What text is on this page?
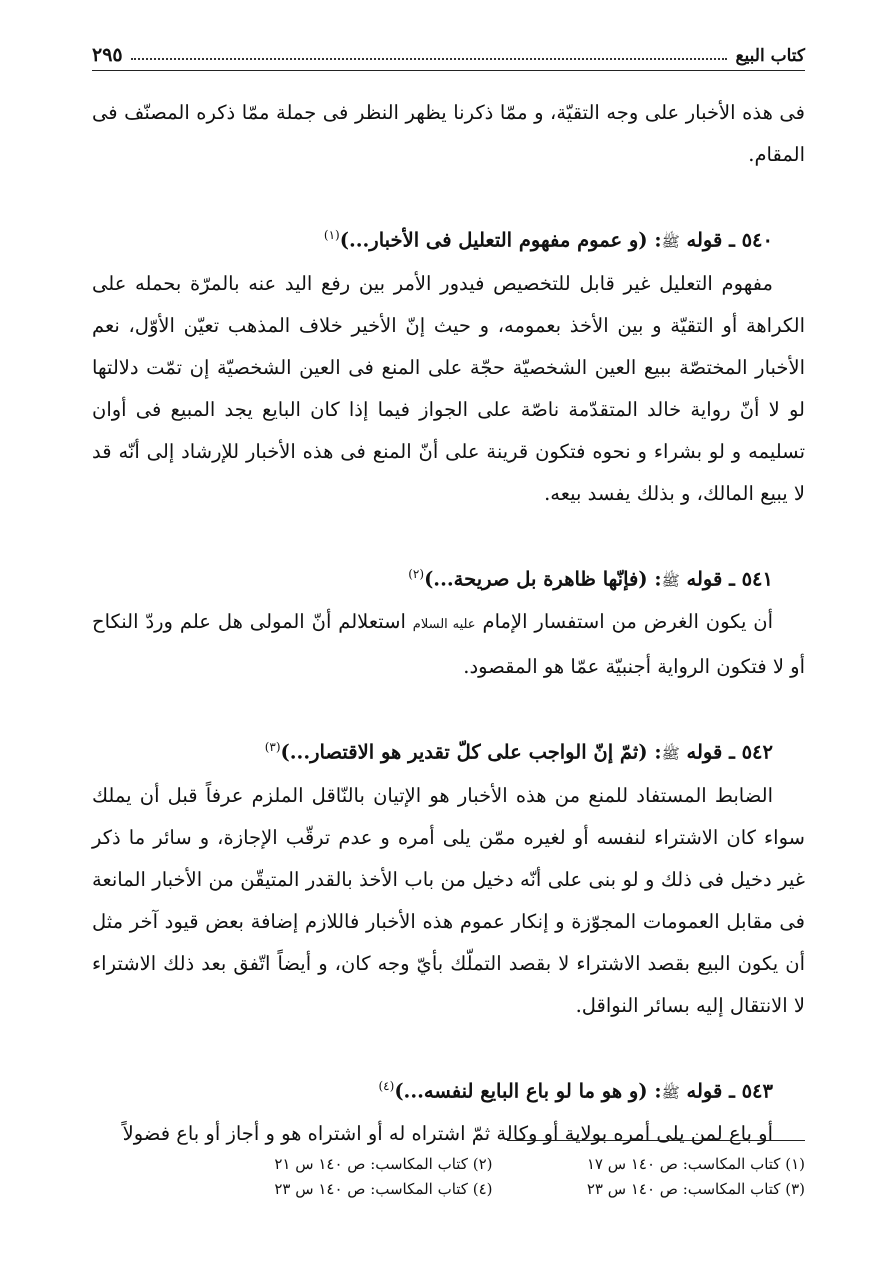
كتاب البيع
٢٩٥

فى هذه الأخبار على وجه التقيّة، و ممّا ذكرنا يظهر النظر فى جملة ممّا ذكره المصنّف فى المقام.

٥٤٠ ـ قوله ﷺ: (و عموم مفهوم التعليل فى الأخبار...)$^{(١)}$

مفهوم التعليل غير قابل للتخصيص فيدور الأمر بين رفع اليد عنه بالمرّة بحمله على الكراهة أو التقيّة و بين الأخذ بعمومه، و حيث إنّ الأخير خلاف المذهب تعيّن الأوّل، نعم الأخبار المختصّة ببيع العين الشخصيّة حجّة على المنع فى العين الشخصيّة إن تمّت دلالتها لو لا أنّ رواية خالد المتقدّمة ناصّة على الجواز فيما إذا كان البايع يجد المبيع فى أوان تسليمه و لو بشراء و نحوه فتكون قرينة على أنّ المنع فى هذه الأخبار للإرشاد إلى أنّه قد لا يبيع المالك، و بذلك يفسد بيعه.

٥٤١ ـ قوله ﷺ: (فإنّها ظاهرة بل صريحة...)$^{(٢)}$

أن يكون الغرض من استفسار الإمام عليه السلام استعلالم أنّ المولى هل علم وردّ النكاح أو لا فتكون الرواية أجنبيّة عمّا هو المقصود.

٥٤٢ ـ قوله ﷺ: (ثمّ إنّ الواجب على كلّ تقدير هو الاقتصار...)$^{(٣)}$

الضابط المستفاد للمنع من هذه الأخبار هو الإتيان بالنّاقل الملزم عرفاً قبل أن يملك سواء كان الاشتراء لنفسه أو لغيره ممّن يلى أمره و عدم ترقّب الإجازة، و سائر ما ذكر غير دخيل فى ذلك و لو بنى على أنّه دخيل من باب الأخذ بالقدر المتيقّن من الأخبار المانعة فى مقابل العمومات المجوّزة و إنكار عموم هذه الأخبار فاللازم إضافة بعض قيود آخر مثل أن يكون البيع بقصد الاشتراء لا بقصد التملّك بأيّ وجه كان، و أيضاً اتّفق بعد ذلك الاشتراء لا الانتقال إليه بسائر النواقل.

٥٤٣ ـ قوله ﷺ: (و هو ما لو باع البايع لنفسه...)$^{(٤)}$

أو باع لمن يلى أمره بولاية أو وكالة ثمّ اشتراه له أو اشتراه هو و أجاز أو باع فضولاً

(١) كتاب المكاسب: ص ١٤٠ س ١٧
(٢) كتاب المكاسب: ص ١٤٠ س ٢١
(٣) كتاب المكاسب: ص ١٤٠ س ٢٣
(٤) كتاب المكاسب: ص ١٤٠ س ٢٣
